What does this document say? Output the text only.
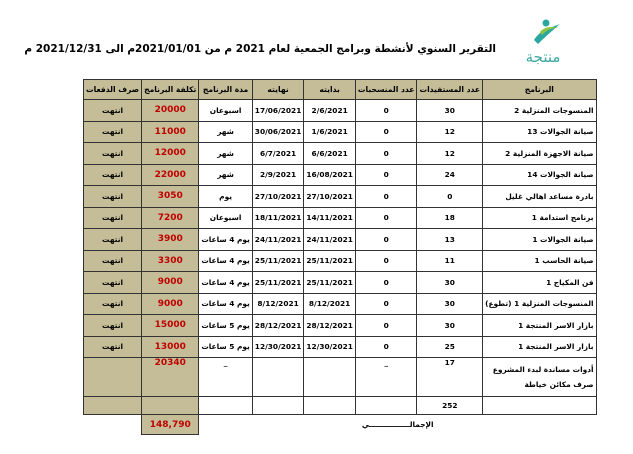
منتجة
التقرير السنوي لأنشطة وبرامج الجمعية لعام 2021 م من 2021/01/01م الى 2021/12/31 م
البرنامج	عدد المستفيدات	عدد المنسحبات	بدايته	نهايته	مدة البرنامج	تكلفة البرنامج	صرف الدفعات
المنسوجات المنزلية 2	30	0	2/6/2021	17/06/2021	اسبوعان	20000	انتهت
صيانة الجوالات 13	12	0	1/6/2021	30/06/2021	شهر	11000	انتهت
صيانة الاجهزة المنزلية 2	12	0	6/6/2021	6/7/2021	شهر	12000	انتهت
صيانة الجوالات 14	24	0	16/08/2021	2/9/2021	شهر	22000	انتهت
بادرة مساعد اهالي غليل	0	0	27/10/2021	27/10/2021	يوم	3050	انتهت
برنامج استدامة 1	18	0	14/11/2021	18/11/2021	اسبوعان	7200	انتهت
صيانة الجوالات 1	13	0	24/11/2021	24/11/2021	يوم 4 ساعات	3900	انتهت
صيانة الحاسب 1	11	0	25/11/2021	25/11/2021	يوم 4 ساعات	3300	انتهت
فن المكياج 1	30	0	25/11/2021	25/11/2021	يوم 4 ساعات	9000	انتهت
المنسوجات المنزلية 1 (تطوع)	30	0	8/12/2021	8/12/2021	يوم 4 ساعات	9000	انتهت
بازار الاسر المنتجة 1	30	0	28/12/2021	28/12/2021	يوم 5 ساعات	15000	انتهت
بازار الاسر المنتجة 1	25	0	12/30/2021	12/30/2021	يوم 5 ساعات	13000	انتهت
أدوات مساندة لبدء المشروع
صرف مكائن خياطة	17	_			_	20340	
	252						
الإجمالــــــــــــــــي						148,790	
